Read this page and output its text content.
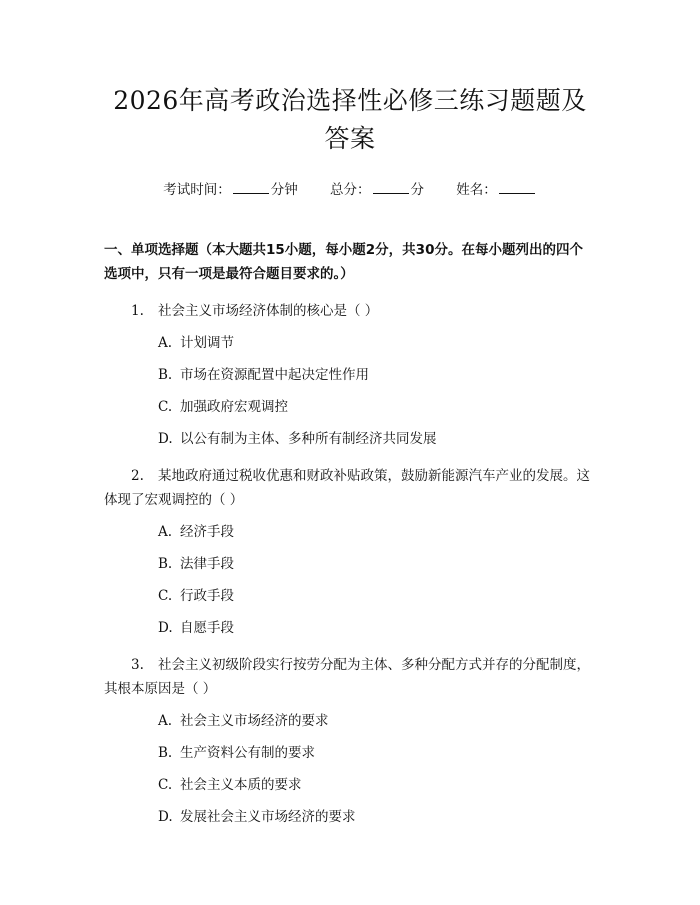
2026年高考政治选择性必修三练习题题及答案
考试时间：	分钟 总分：	分 姓名：
一、单项选择题（本大题共15小题，每小题2分，共30分。在每小题列出的四个选项中，只有一项是最符合题目要求的。）
1. 社会主义市场经济体制的核心是（ ）
A. 计划调节
B. 市场在资源配置中起决定性作用
C. 加强政府宏观调控
D. 以公有制为主体、多种所有制经济共同发展
2. 某地政府通过税收优惠和财政补贴政策，鼓励新能源汽车产业的发展。这体现了宏观调控的（ ）
A. 经济手段
B. 法律手段
C. 行政手段
D. 自愿手段
3. 社会主义初级阶段实行按劳分配为主体、多种分配方式并存的分配制度，其根本原因是（ ）
A. 社会主义市场经济的要求
B. 生产资料公有制的要求
C. 社会主义本质的要求
D. 发展社会主义市场经济的要求
